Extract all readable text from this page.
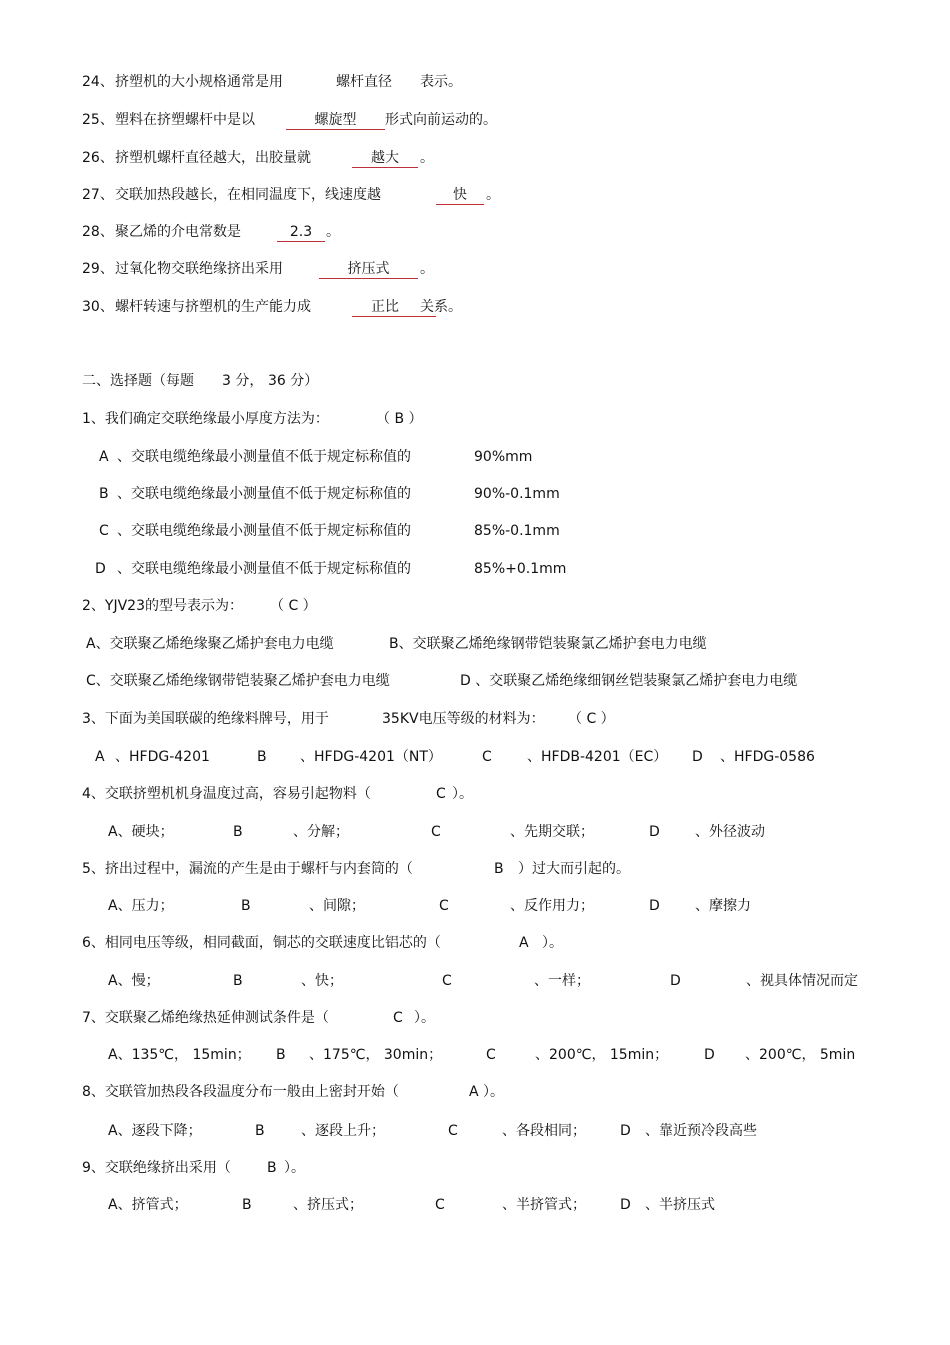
24、 挤塑机的大小规格通常是用	螺杆直径 表示。
25、 塑料在挤塑螺杆中是以	螺旋型	形式向前运动的。
26、 挤塑机螺杆直径越大，出胶量就	越大	。
27、 交联加热段越长，在相同温度下，线速度越	快	。
28、 聚乙烯的介电常数是	2.3 。
29、 过氧化物交联绝缘挤出采用	挤压式	。
30、 螺杆转速与挤塑机的生产能力成	正比	关系。
二、选择题（每题 3 分， 36 分）
1、我们确定交联绝缘最小厚度方法为：	（ B ）
A 、交联电缆绝缘最小测量值不低于规定标称值的	90%mm
B 、交联电缆绝缘最小测量值不低于规定标称值的	90%-0.1mm
C 、交联电缆绝缘最小测量值不低于规定标称值的	85%-0.1mm
D 、交联电缆绝缘最小测量值不低于规定标称值的	85%+0.1mm
2、YJV23的型号表示为： （ C ）
A、交联聚乙烯绝缘聚乙烯护套电力电缆	B、交联聚乙烯绝缘钢带铠装聚氯乙烯护套电力电缆
C、交联聚乙烯绝缘钢带铠装聚乙烯护套电力电缆	D 、交联聚乙烯绝缘细钢丝铠装聚氯乙烯护套电力电缆
3、下面为美国联碳的绝缘料牌号，用于	35KV电压等级的材料为： （ C ）
A 、HFDG-4201	B 、HFDG-4201（NT）	C	、HFDB-4201（EC） D 、HFDG-0586
4、交联挤塑机机身温度过高，容易引起物料（	C ）。
A、硬块；	B	、分解；	C	、先期交联；	D	、外径波动
5、挤出过程中，漏流的产生是由于螺杆与内套筒的（	B ）过大而引起的。
A、压力；	B	、间隙；	C	、反作用力；	D	、摩擦力
6、相同电压等级，相同截面，铜芯的交联速度比铝芯的（	A ）。
A、慢；	B	、快；	C	、一样；	D	、视具体情况而定
7、交联聚乙烯绝缘热延伸测试条件是（	C ）。
A、135℃， 15min； B 、175℃， 30min；	C	、200℃， 15min；	D 、200℃， 5min
8、交联管加热段各段温度分布一般由上密封开始（	A ）。
A、逐段下降；	B	、逐段上升；	C	、各段相同； D 、靠近预冷段高些
9、交联绝缘挤出采用（	B ）。
A、挤管式；	B	、挤压式；	C	、半挤管式； D 、半挤压式
